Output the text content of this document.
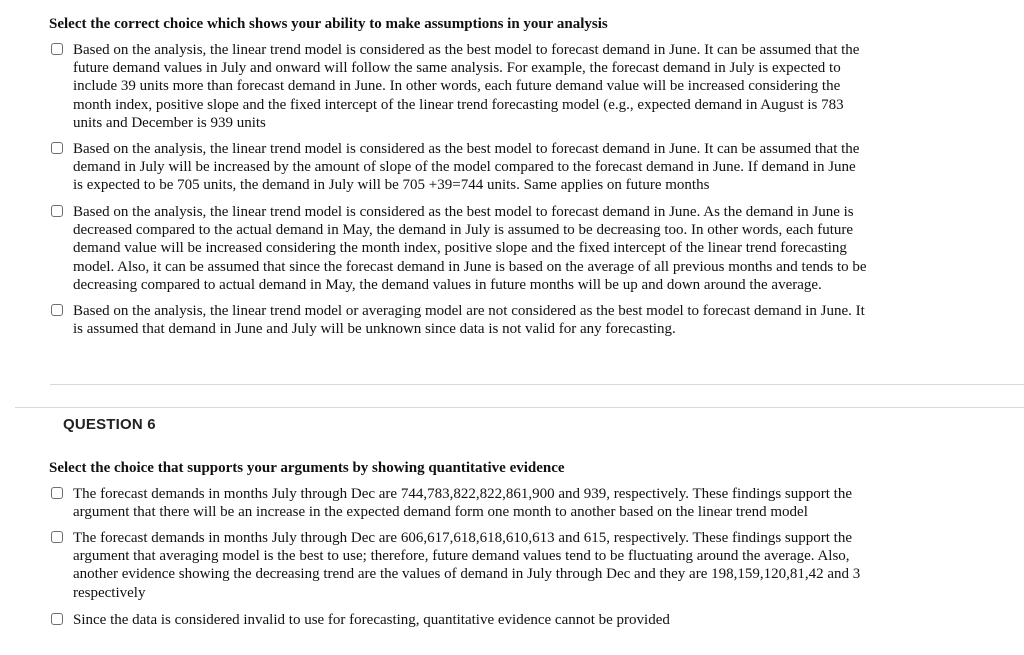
Select the correct choice which shows your ability to make assumptions in your analysis
Based on the analysis, the linear trend model is considered as the best model to forecast demand in June. It can be assumed that the
future demand values in July and onward will follow the same analysis. For example, the forecast demand in July is expected to
include 39 units more than forecast demand in June. In other words, each future demand value will be increased considering the
month index, positive slope and the fixed intercept of the linear trend forecasting model (e.g., expected demand in August is 783
units and December is 939 units
Based on the analysis, the linear trend model is considered as the best model to forecast demand in June. It can be assumed that the
demand in July will be increased by the amount of slope of the model compared to the forecast demand in June. If demand in June
is expected to be 705 units, the demand in July will be 705 +39=744 units. Same applies on future months
Based on the analysis, the linear trend model is considered as the best model to forecast demand in June. As the demand in June is
decreased compared to the actual demand in May, the demand in July is assumed to be decreasing too. In other words, each future
demand value will be increased considering the month index, positive slope and the fixed intercept of the linear trend forecasting
model. Also, it can be assumed that since the forecast demand in June is based on the average of all previous months and tends to be
decreasing compared to actual demand in May, the demand values in future months will be up and down around the average.
Based on the analysis, the linear trend model or averaging model are not considered as the best model to forecast demand in June. It
is assumed that demand in June and July will be unknown since data is not valid for any forecasting.
QUESTION 6
Select the choice that supports your arguments by showing quantitative evidence
The forecast demands in months July through Dec are 744,783,822,822,861,900 and 939, respectively. These findings support the
argument that there will be an increase in the expected demand form one month to another based on the linear trend model
The forecast demands in months July through Dec are 606,617,618,618,610,613 and 615, respectively. These findings support the
argument that averaging model is the best to use; therefore, future demand values tend to be fluctuating around the average. Also,
another evidence showing the decreasing trend are the values of demand in July through Dec and they are 198,159,120,81,42 and 3
respectively
Since the data is considered invalid to use for forecasting, quantitative evidence cannot be provided
